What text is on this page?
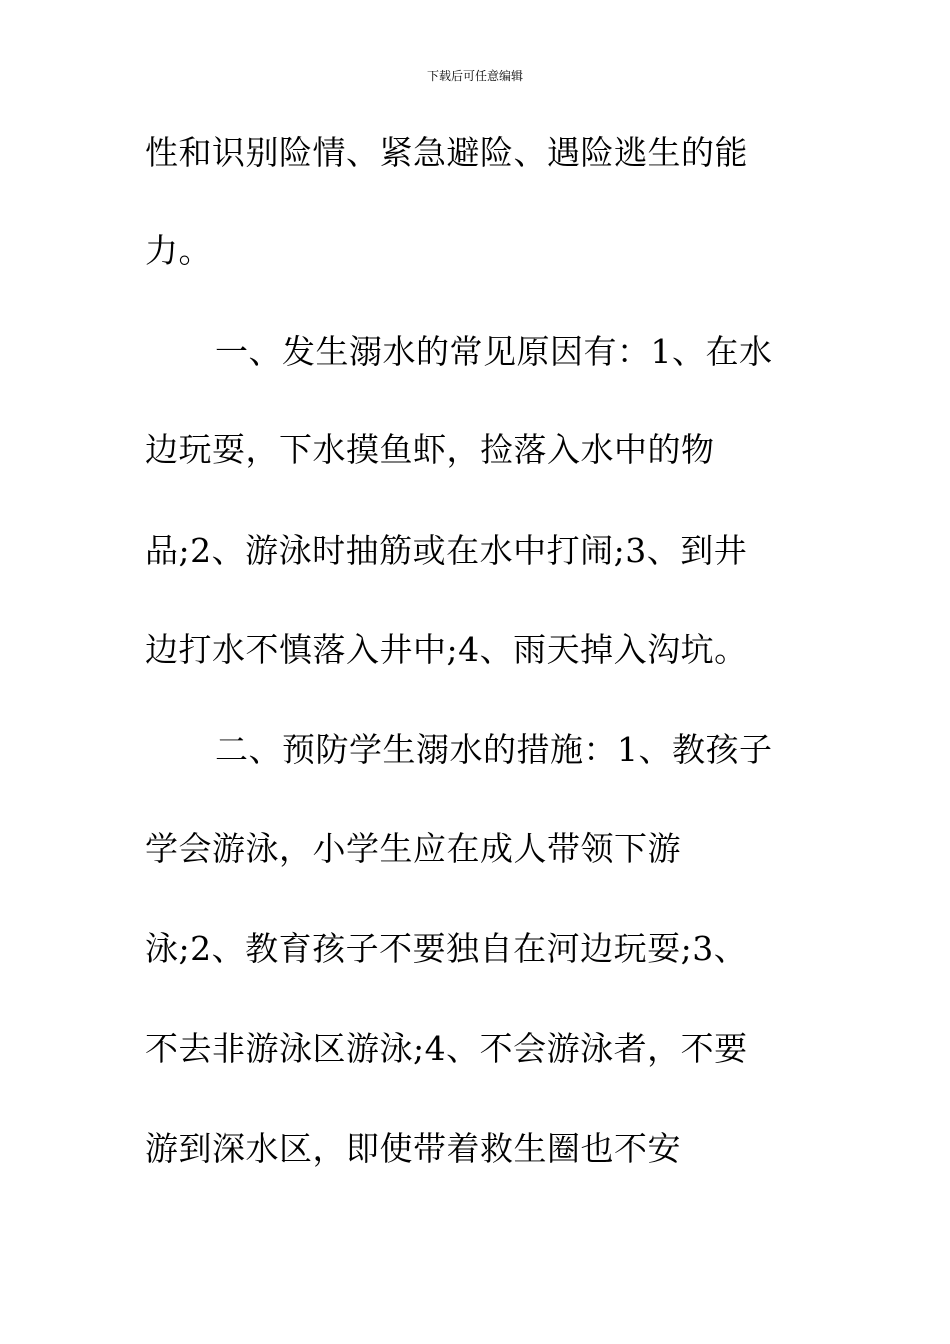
下载后可任意编辑
性和识别险情、紧急避险、遇险逃生的能
力。
一、发生溺水的常见原因有：1、在水
边玩耍，下水摸鱼虾，捡落入水中的物
品;2、游泳时抽筋或在水中打闹;3、到井
边打水不慎落入井中;4、雨天掉入沟坑。
二、预防学生溺水的措施：1、教孩子
学会游泳，小学生应在成人带领下游
泳;2、教育孩子不要独自在河边玩耍;3、
不去非游泳区游泳;4、不会游泳者，不要
游到深水区，即使带着救生圈也不安
